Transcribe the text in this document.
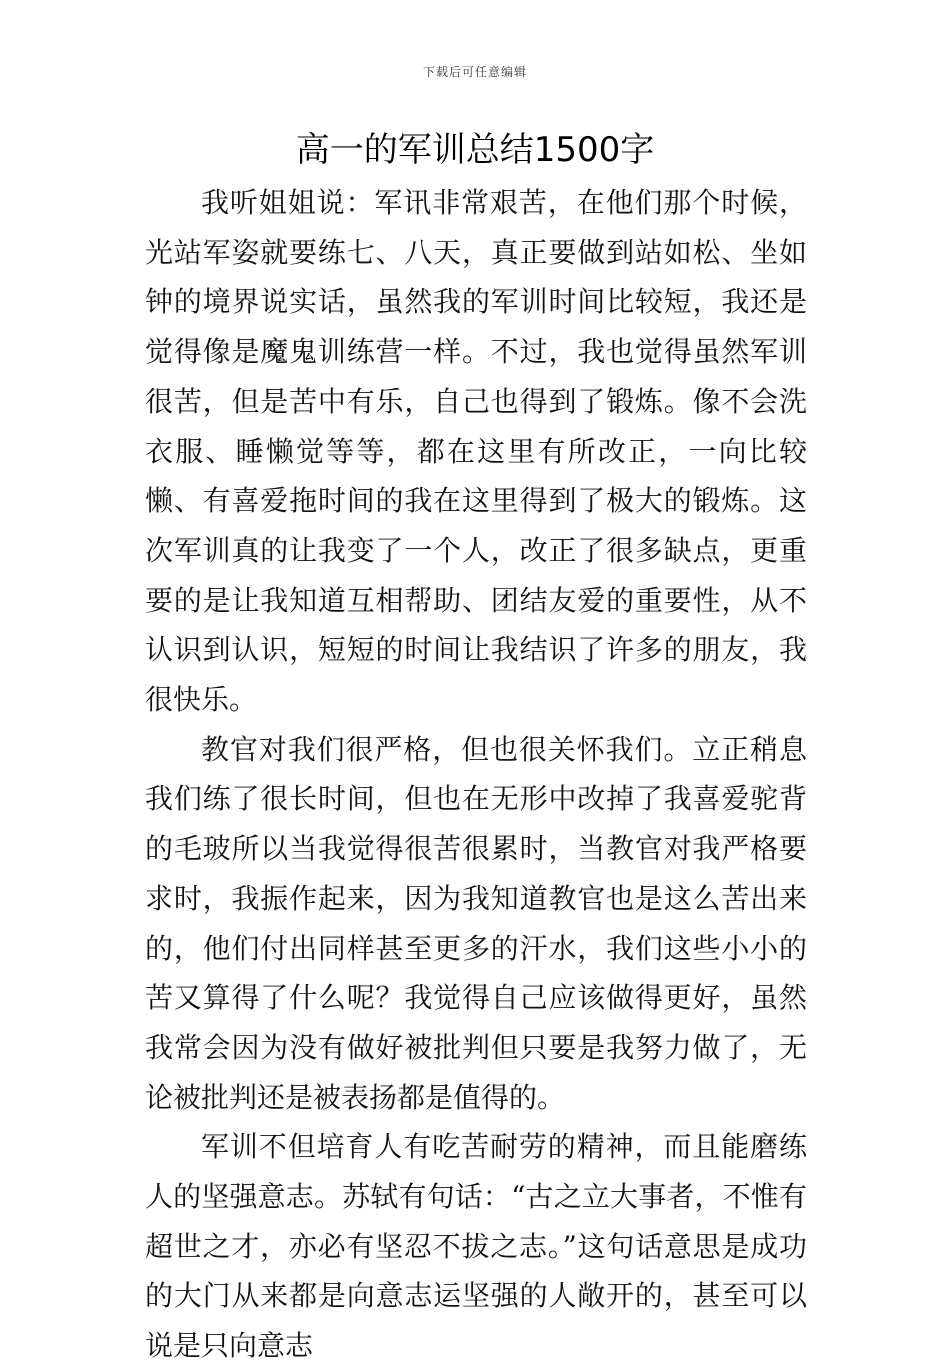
下载后可任意编辑
高一的军训总结1500字

我听姐姐说：军讯非常艰苦，在他们那个时候，光站军姿就要练七、八天，真正要做到站如松、坐如钟的境界说实话，虽然我的军训时间比较短，我还是觉得像是魔鬼训练营一样。不过，我也觉得虽然军训很苦，但是苦中有乐，自己也得到了锻炼。像不会洗衣服、睡懒觉等等，都在这里有所改正，一向比较懒、有喜爱拖时间的我在这里得到了极大的锻炼。这次军训真的让我变了一个人，改正了很多缺点，更重要的是让我知道互相帮助、团结友爱的重要性，从不认识到认识，短短的时间让我结识了许多的朋友，我很快乐。

教官对我们很严格，但也很关怀我们。立正稍息我们练了很长时间，但也在无形中改掉了我喜爱驼背的毛玻所以当我觉得很苦很累时，当教官对我严格要求时，我振作起来，因为我知道教官也是这么苦出来的，他们付出同样甚至更多的汗水，我们这些小小的苦又算得了什么呢？我觉得自己应该做得更好，虽然我常会因为没有做好被批判但只要是我努力做了，无论被批判还是被表扬都是值得的。

军训不但培育人有吃苦耐劳的精神，而且能磨练人的坚强意志。苏轼有句话：“古之立大事者，不惟有超世之才，亦必有坚忍不拔之志。”这句话意思是成功的大门从来都是向意志运坚强的人敞开的，甚至可以说是只向意志
